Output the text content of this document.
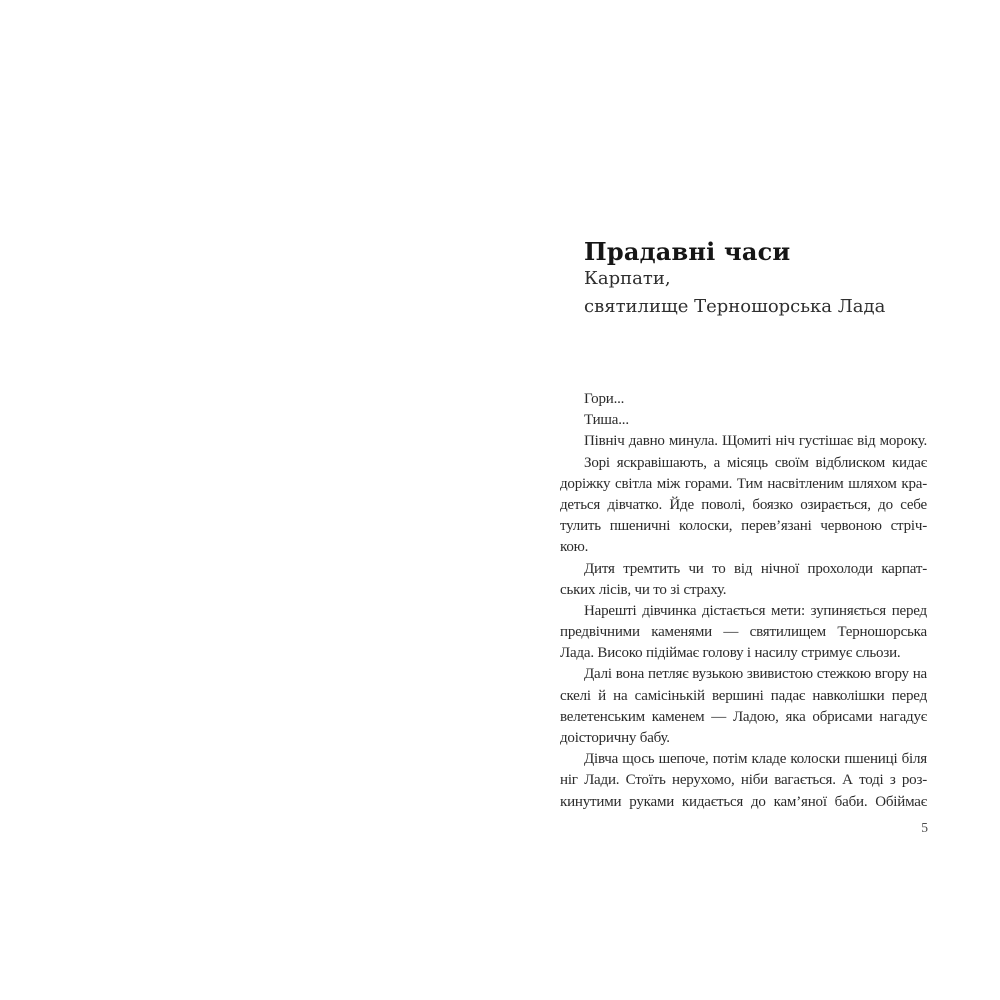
Прадавні часи
Карпати,
святилище Терношорська Лада
Гори...
Тиша...
Північ давно минула. Щомиті ніч густішає від мороку.
Зорі яскравішають, а місяць своїм відблиском кидає
доріжку світла між горами. Тим насвітленим шляхом кра-
деться дівчатко. Йде поволі, боязко озирається, до себе
тулить пшеничні колоски, перев’язані червоною стріч-
кою.
Дитя тремтить чи то від нічної прохолоди карпат-
ських лісів, чи то зі страху.
Нарешті дівчинка дістається мети: зупиняється перед
предвічними каменями — святилищем Терношорська
Лада. Високо підіймає голову і насилу стримує сльози.
Далі вона петляє вузькою звивистою стежкою вгору на
скелі й на самісінькій вершині падає навколішки перед
велетенським каменем — Ладою, яка обрисами нагадує
доісторичну бабу.
Дівча щось шепоче, потім кладе колоски пшениці біля
ніг Лади. Стоїть нерухомо, ніби вагається. А тоді з роз-
кинутими руками кидається до кам’яної баби. Обіймає
5
